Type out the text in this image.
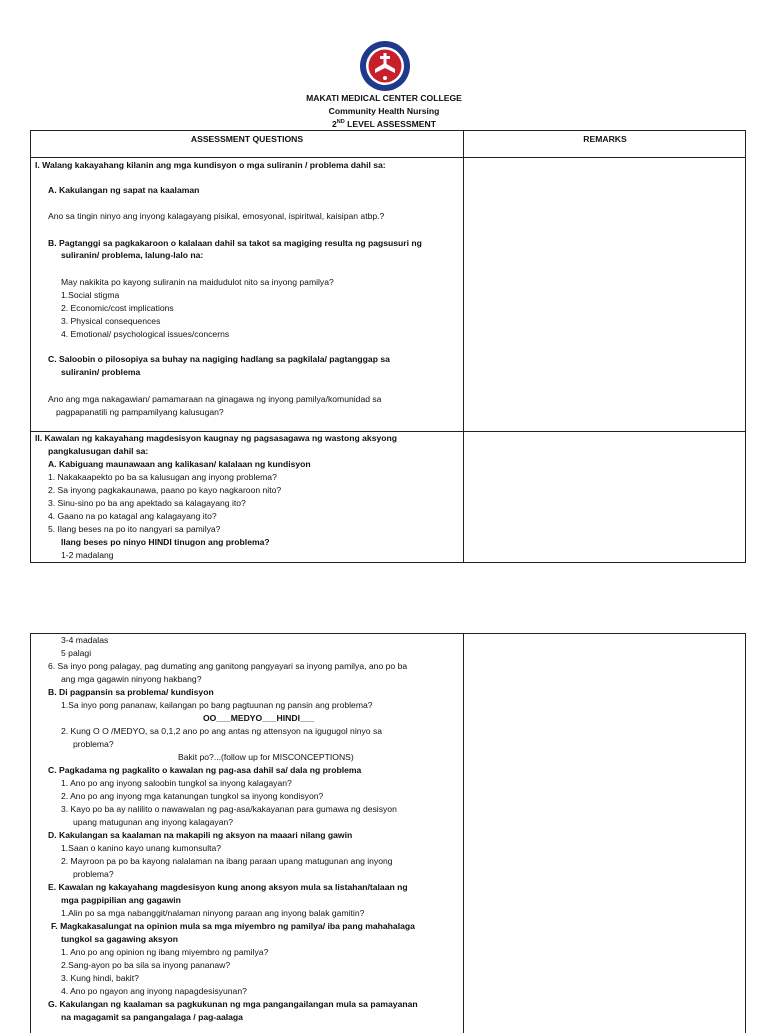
MAKATI MEDICAL CENTER COLLEGE
Community Health Nursing
2ND LEVEL ASSESSMENT
ASSESSMENT QUESTIONS	REMARKS
I. Walang kakayahang kilanin ang mga kundisyon o mga suliranin / problema dahil sa:
A. Kakulangan ng sapat na kaalaman
Ano sa tingin ninyo ang inyong kalagayang pisikal, emosyonal, ispiritwal, kaisipan atbp.?
B. Pagtanggi sa pagkakaroon o kalalaan dahil sa takot sa magiging resulta ng pagsusuri ng
suliranin/ problema, lalung-lalo na:
May nakikita po kayong suliranin na maidudulot nito sa inyong pamilya?
1.Social stigma
2. Economic/cost implications
3. Physical consequences
4. Emotional/ psychological issues/concerns
C. Saloobin o pilosopiya sa buhay na nagiging hadlang sa pagkilala/ pagtanggap sa
suliranin/ problema
Ano ang mga nakagawian/ pamamaraan na ginagawa ng inyong pamilya/komunidad sa
pagpapanatili ng pampamilyang kalusugan?
II. Kawalan ng kakayahang magdesisyon kaugnay ng pagsasagawa ng wastong aksyong
pangkalusugan dahil sa:
A. Kabiguang maunawaan ang kalikasan/ kalalaan ng kundisyon
1. Nakakaapekto po ba sa kalusugan ang inyong problema?
2. Sa inyong pagkakaunawa, paano po kayo nagkaroon nito?
3. Sinu-sino po ba ang apektado sa kalagayang ito?
4. Gaano na po katagal ang kalagayang ito?
5. Ilang beses na po ito nangyari sa pamilya?
Ilang beses po ninyo HINDI tinugon ang problema?
1-2 madalang
3-4 madalas
5 palagi
6. Sa inyo pong palagay, pag dumating ang ganitong pangyayari sa inyong pamilya, ano po ba
ang mga gagawin ninyong hakbang?
B. Di pagpansin sa problema/ kundisyon
1.Sa inyo pong pananaw, kailangan po bang pagtuunan ng pansin ang problema?
OO___MEDYO___HINDI___
2. Kung O O /MEDYO, sa 0,1,2 ano po ang antas ng attensyon na igugugol ninyo sa
problema?
Bakit po?...(follow up for MISCONCEPTIONS)
C. Pagkadama ng pagkalito o kawalan ng pag-asa dahil sa/ dala ng problema
1. Ano po ang inyong saloobin tungkol sa inyong kalagayan?
2. Ano po ang inyong mga katanungan tungkol sa inyong kondisyon?
3. Kayo po ba ay nalilito o nawawalan ng pag-asa/kakayanan para gumawa ng desisyon
upang matugunan ang inyong kalagayan?
D. Kakulangan sa kaalaman na makapili ng aksyon na maaari nilang gawin
1.Saan o kanino kayo unang kumonsulta?
2. Mayroon pa po ba kayong nalalaman na ibang paraan upang matugunan ang inyong
problema?
E. Kawalan ng kakayahang magdesisyon kung anong aksyon mula sa listahan/talaan ng
mga pagpipilian ang gagawin
1.Alin po sa mga nabanggit/nalaman ninyong paraan ang inyong balak gamitin?
F. Magkakasalungat na opinion mula sa mga miyembro ng pamilya/ iba pang mahahalaga
tungkol sa gagawing aksyon
1. Ano po ang opinion ng ibang miyembro ng pamilya?
2.Sang-ayon po ba sila sa inyong pananaw?
3. Kung hindi, bakit?
4. Ano po ngayon ang inyong napagdesisyunan?
G. Kakulangan ng kaalaman sa pagkukunan ng mga pangangailangan mula sa pamayanan
na magagamit sa pangangalaga / pag-aalaga
